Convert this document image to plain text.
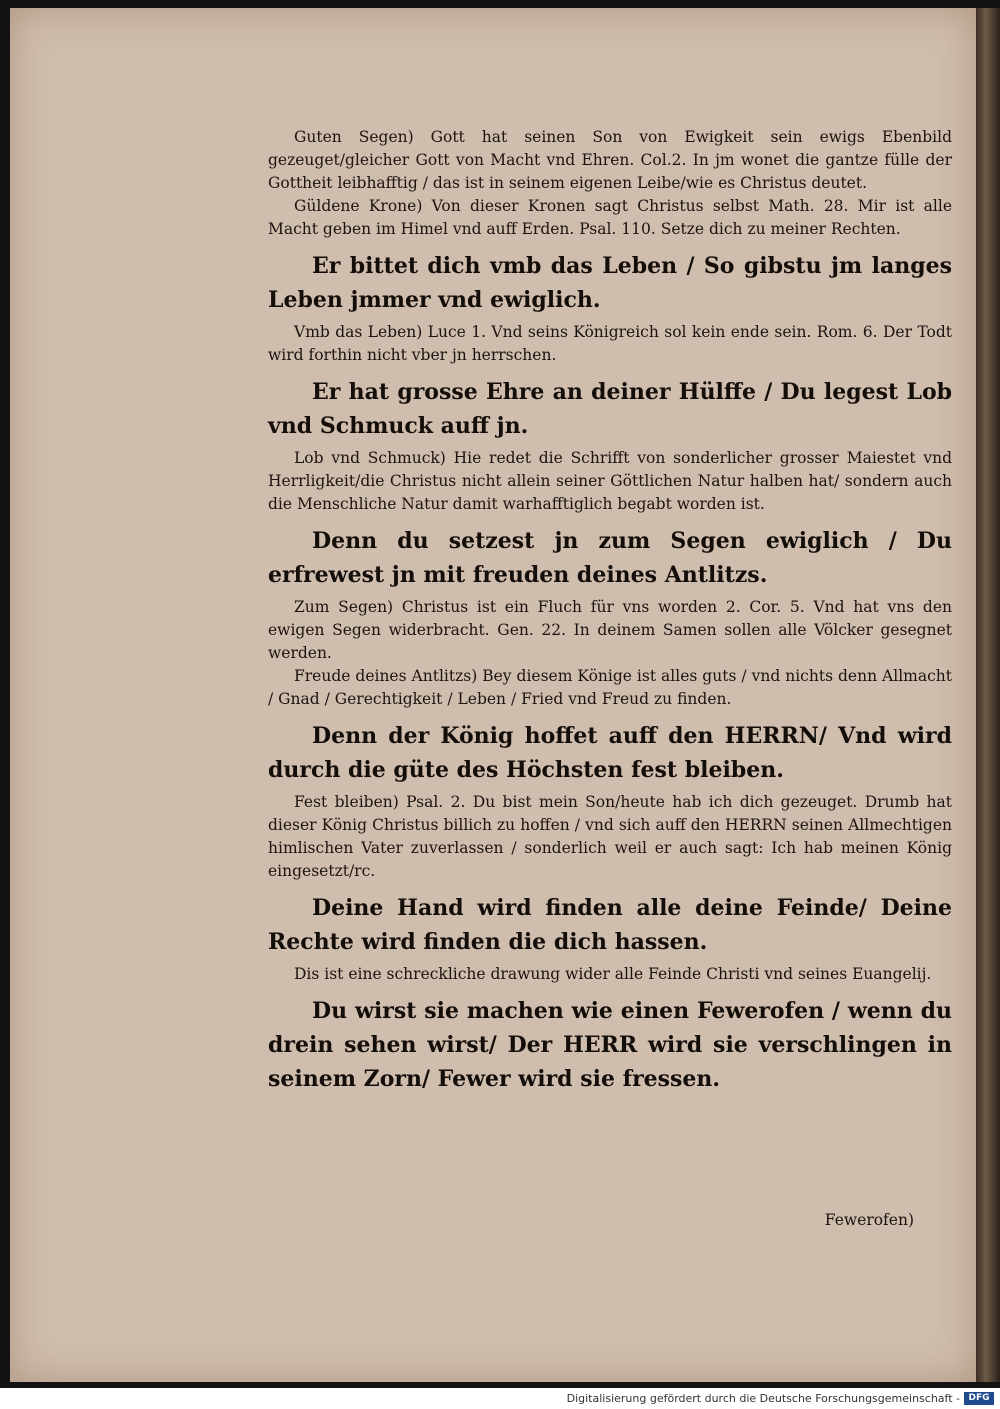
Guten Segen) Gott hat seinen Son von Ewigkeit sein ewigs Ebenbild gezeuget/gleicher Gott von Macht vnd Ehren. Col.2. In jm wonet die gantze fülle der Gottheit leibhafftig / das ist in seinem eigenen Leibe/wie es Christus deutet.

Güldene Krone) Von dieser Kronen sagt Christus selbst Math. 28. Mir ist alle Macht geben im Himel vnd auff Erden. Psal. 110. Setze dich zu meiner Rechten.

Er bittet dich vmb das Leben / So gibstu jm langes Leben jmmer vnd ewiglich.

Vmb das Leben) Luce 1. Vnd seins Königreich sol kein ende sein. Rom. 6. Der Todt wird forthin nicht vber jn herrschen.

Er hat grosse Ehre an deiner Hülffe / Du legest Lob vnd Schmuck auff jn.

Lob vnd Schmuck) Hie redet die Schrifft von sonderlicher grosser Maiestet vnd Herrligkeit/die Christus nicht allein seiner Göttlichen Natur halben hat/ sondern auch die Menschliche Natur damit warhafftiglich begabt worden ist.

Denn du setzest jn zum Segen ewiglich / Du erfrewest jn mit freuden deines Antlitzs.

Zum Segen) Christus ist ein Fluch für vns worden 2. Cor. 5. Vnd hat vns den ewigen Segen widerbracht. Gen. 22. In deinem Samen sollen alle Völcker gesegnet werden.

Freude deines Antlitzs) Bey diesem Könige ist alles guts / vnd nichts denn Allmacht / Gnad / Gerechtigkeit / Leben / Fried vnd Freud zu finden.

Denn der König hoffet auff den HERRN/ Vnd wird durch die güte des Höchsten fest bleiben.

Fest bleiben) Psal. 2. Du bist mein Son/heute hab ich dich gezeuget. Drumb hat dieser König Christus billich zu hoffen / vnd sich auff den HERRN seinen Allmechtigen himlischen Vater zuverlassen / sonderlich weil er auch sagt: Ich hab meinen König eingesetzt/rc.

Deine Hand wird finden alle deine Feinde/ Deine Rechte wird finden die dich hassen.

Dis ist eine schreckliche drawung wider alle Feinde Christi vnd seines Euangelij.

Du wirst sie machen wie einen Fewerofen / wenn du drein sehen wirst/ Der HERR wird sie verschlingen in seinem Zorn/ Fewer wird sie fressen.

Fewerofen)
Digitalisierung gefördert durch die Deutsche Forschungsgemeinschaft - DFG
